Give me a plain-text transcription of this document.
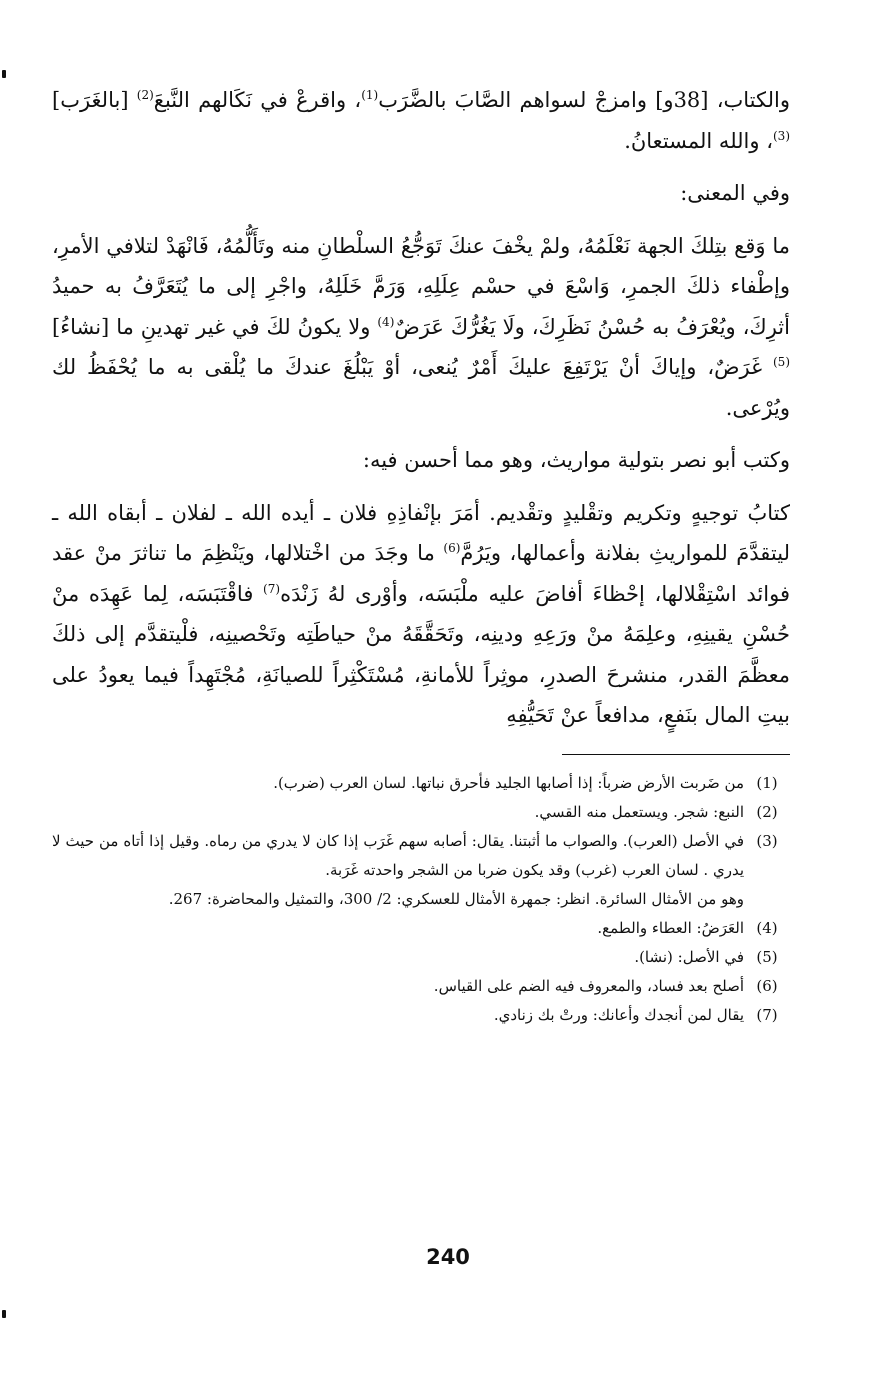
والكتاب، [38و] وامزجْ لسواهم الصَّابَ بالضَّرَب$^{(1)}$، واقرعْ في نَكَالهم النَّبعَ$^{(2)}$ [بالغَرَب]$^{(3)}$، والله المستعانُ.

وفي المعنى:

ما وَقع بتِلكَ الجهة نَعْلَمُهُ، ولمْ يخْفَ عنكَ تَوَجُّعُ السلْطانِ منه وتَأَلُّمُهُ، فَانْهَدْ لتلافي الأمرِ، وإطْفاء ذلكَ الجمرِ، وَاسْعَ في حسْم عِلَلِهِ، وَرَمَّ خَلَلِهُ، واجْرِ إلى ما يُتَعَرَّفُ به حميدُ أثرِكَ، ويُعْرَفُ به حُسْنُ نَظَرِكَ، ولَا يَغُرُّكَ عَرَضٌ$^{(4)}$ ولا يكونُ لكَ في غير تهدينِ ما [نشاءُ]$^{(5)}$ غَرَضٌ، وإياكَ أنْ يَرْتَفِعَ عليكَ أَمْرٌ يُنعى، أوْ يَبْلُغَ عندكَ ما يُلْقى به ما يُحْفَظُ لك ويُرْعى.

وكتب أبو نصر بتولية مواريث، وهو مما أحسن فيه:

كتابُ توجيهٍ وتكريم وتقْليدٍ وتقْديم. أمَرَ بإنْفاذِهِ فلان ـ أيده الله ـ لفلان ـ أبقاه الله ـ ليتقدَّمَ للمواريثِ بفلانة وأعمالها، ويَرُمَّ$^{(6)}$ ما وجَدَ من اخْتلالها، ويَنْظِمَ ما تناثرَ منْ عقد فوائد اسْتِقْلالها، إحْظاءَ أفاضَ عليه ملْبَسَه، وأوْرى لهُ زَنْدَه$^{(7)}$ فاقْتَبَسَه، لِما عَهِدَه منْ حُسْنِ يقينِهِ، وعلِمَهُ منْ ورَعِهِ ودينِه، وتَحَقَّقَهُ منْ حياطَتِه وتَحْصينِه، فلْيتقدَّم إلى ذلكَ معظَّمَ القدر، منشرحَ الصدرِ، موثِراً للأمانةِ، مُسْتَكْثِراً للصيانَةِ، مُجْتَهِداً فيما يعودُ على بيتِ المال بنَفعٍ، مدافعاً عنْ تَحَيُّفِهِ

(1)
من ضَربت الأرض ضرباً: إذا أصابها الجليد فأحرق نباتها. لسان العرب (ضرب).
(2)
النبع: شجر. ويستعمل منه القسي.
(3)
في الأصل (العرب). والصواب ما أثبتنا. يقال: أصابه سهم غَرَب إذا كان لا يدري من رماه. وقيل إذا أتاه من حيث لا يدري . لسان العرب (غرب) وقد يكون ضربا من الشجر واحدته غَرَبة.
وهو من الأمثال السائرة. انظر: جمهرة الأمثال للعسكري: 2/ 300، والتمثيل والمحاضرة: 267.
(4)
العَرَضُ: العطاء والطمع.
(5)
في الأصل: (نشا).
(6)
أصلح بعد فساد، والمعروف فيه الضم على القياس.
(7)
يقال لمن أنجدك وأعانك: ورتْ بك زنادي.
240
